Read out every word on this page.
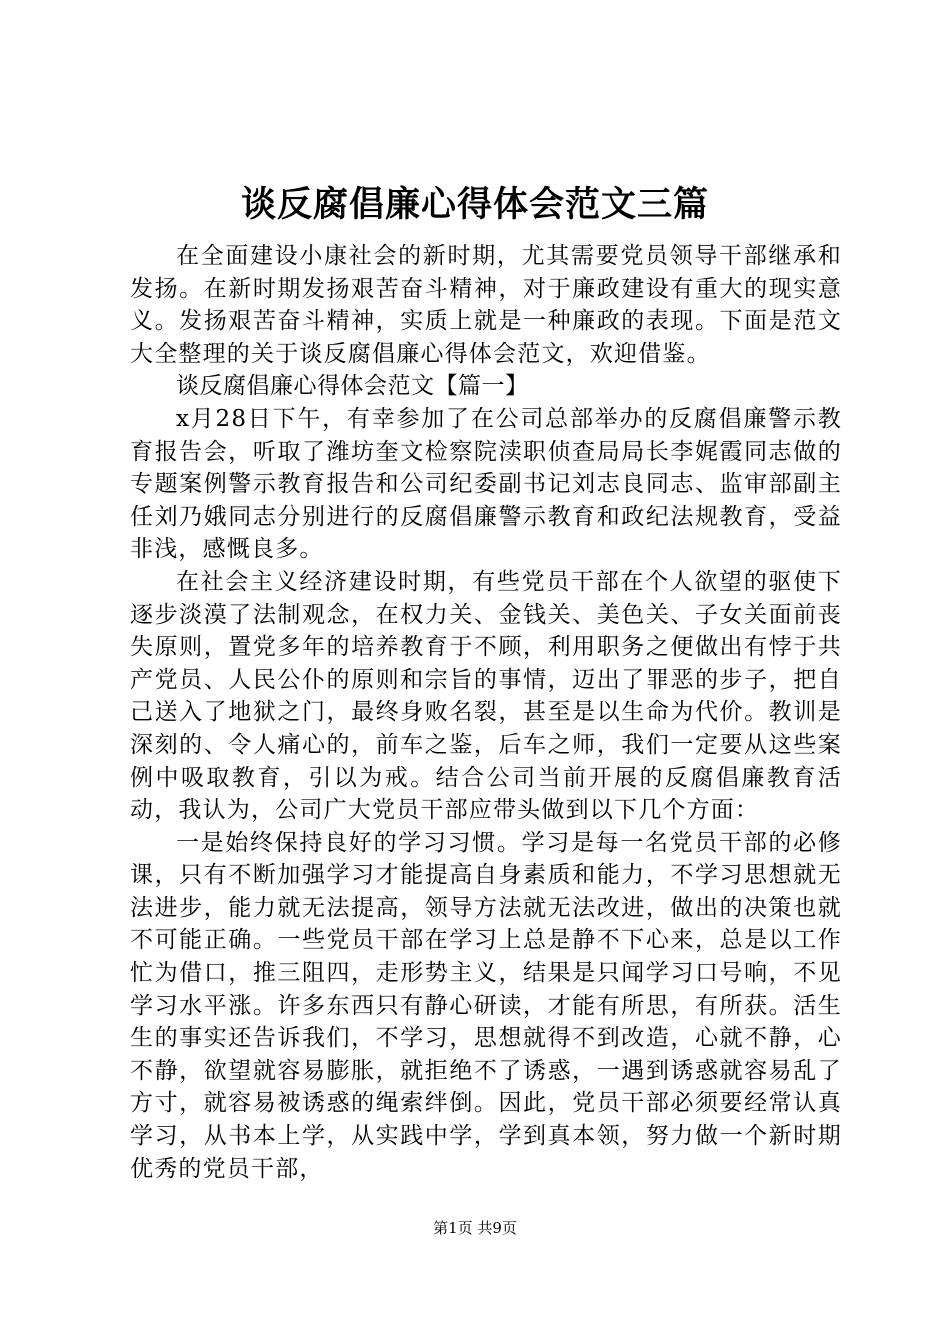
谈反腐倡廉心得体会范文三篇

在全面建设小康社会的新时期，尤其需要党员领导干部继承和发扬。在新时期发扬艰苦奋斗精神，对于廉政建设有重大的现实意义。发扬艰苦奋斗精神，实质上就是一种廉政的表现。下面是范文大全整理的关于谈反腐倡廉心得体会范文，欢迎借鉴。

谈反腐倡廉心得体会范文【篇一】

x月28日下午，有幸参加了在公司总部举办的反腐倡廉警示教育报告会，听取了潍坊奎文检察院渎职侦查局局长李娓霞同志做的专题案例警示教育报告和公司纪委副书记刘志良同志、监审部副主任刘乃娥同志分别进行的反腐倡廉警示教育和政纪法规教育，受益非浅，感慨良多。

在社会主义经济建设时期，有些党员干部在个人欲望的驱使下逐步淡漠了法制观念，在权力关、金钱关、美色关、子女关面前丧失原则，置党多年的培养教育于不顾，利用职务之便做出有悖于共产党员、人民公仆的原则和宗旨的事情，迈出了罪恶的步子，把自己送入了地狱之门，最终身败名裂，甚至是以生命为代价。教训是深刻的、令人痛心的，前车之鉴，后车之师，我们一定要从这些案例中吸取教育，引以为戒。结合公司当前开展的反腐倡廉教育活动，我认为，公司广大党员干部应带头做到以下几个方面：

一是始终保持良好的学习习惯。学习是每一名党员干部的必修课，只有不断加强学习才能提高自身素质和能力，不学习思想就无法进步，能力就无法提高，领导方法就无法改进，做出的决策也就不可能正确。一些党员干部在学习上总是静不下心来，总是以工作忙为借口，推三阻四，走形势主义，结果是只闻学习口号响，不见学习水平涨。许多东西只有静心研读，才能有所思，有所获。活生生的事实还告诉我们，不学习，思想就得不到改造，心就不静，心不静，欲望就容易膨胀，就拒绝不了诱惑，一遇到诱惑就容易乱了方寸，就容易被诱惑的绳索绊倒。因此，党员干部必须要经常认真学习，从书本上学，从实践中学，学到真本领，努力做一个新时期优秀的党员干部，

第1页 共9页
